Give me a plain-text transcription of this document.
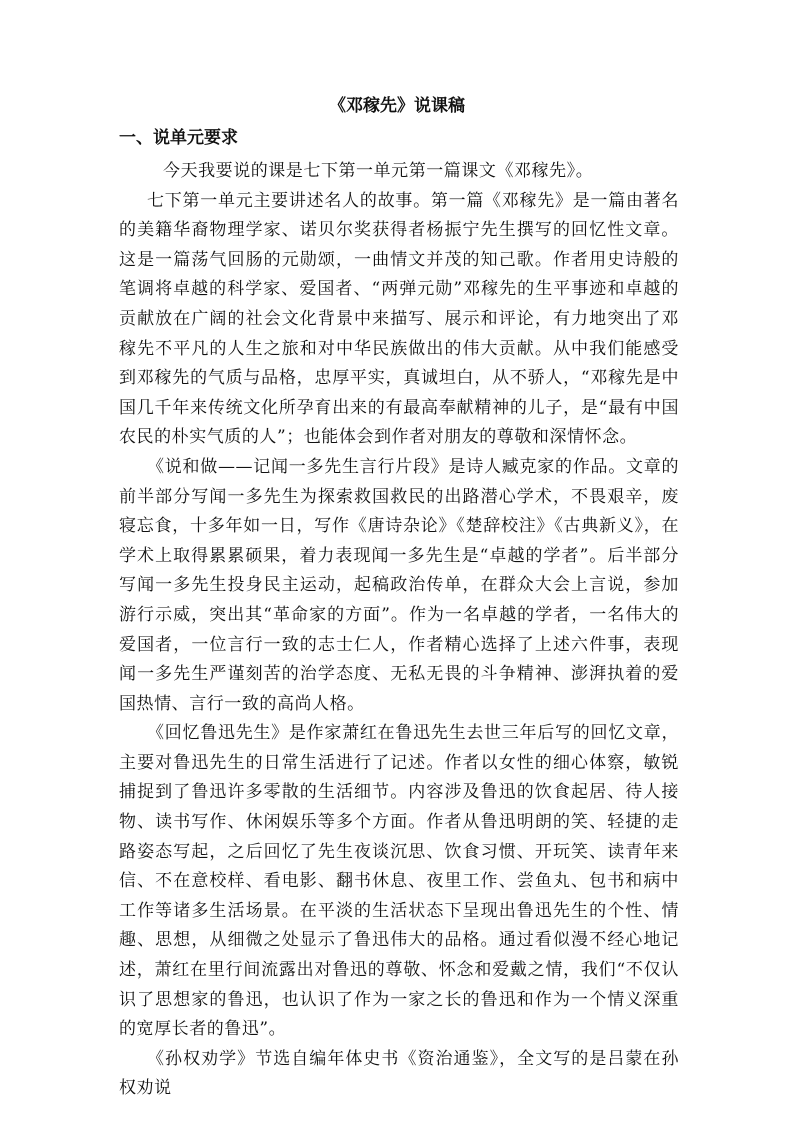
《邓稼先》说课稿
一、说单元要求

今天我要说的课是七下第一单元第一篇课文《邓稼先》。

七下第一单元主要讲述名人的故事。第一篇《邓稼先》是一篇由著名的美籍华裔物理学家、诺贝尔奖获得者杨振宁先生撰写的回忆性文章。这是一篇荡气回肠的元勋颂，一曲情文并茂的知己歌。作者用史诗般的笔调将卓越的科学家、爱国者、“两弹元勋”邓稼先的生平事迹和卓越的贡献放在广阔的社会文化背景中来描写、展示和评论，有力地突出了邓稼先不平凡的人生之旅和对中华民族做出的伟大贡献。从中我们能感受到邓稼先的气质与品格，忠厚平实，真诚坦白，从不骄人，“邓稼先是中国几千年来传统文化所孕育出来的有最高奉献精神的儿子，是“最有中国农民的朴实气质的人”；也能体会到作者对朋友的尊敬和深情怀念。

《说和做——记闻一多先生言行片段》是诗人臧克家的作品。文章的前半部分写闻一多先生为探索救国救民的出路潜心学术，不畏艰辛，废寝忘食，十多年如一日，写作《唐诗杂论》《楚辞校注》《古典新义》，在学术上取得累累硕果，着力表现闻一多先生是“卓越的学者”。后半部分写闻一多先生投身民主运动，起稿政治传单，在群众大会上言说，参加游行示威，突出其“革命家的方面”。作为一名卓越的学者，一名伟大的爱国者，一位言行一致的志士仁人，作者精心选择了上述六件事，表现闻一多先生严谨刻苦的治学态度、无私无畏的斗争精神、澎湃执着的爱国热情、言行一致的高尚人格。

《回忆鲁迅先生》是作家萧红在鲁迅先生去世三年后写的回忆文章，主要对鲁迅先生的日常生活进行了记述。作者以女性的细心体察，敏锐捕捉到了鲁迅许多零散的生活细节。内容涉及鲁迅的饮食起居、待人接物、读书写作、休闲娱乐等多个方面。作者从鲁迅明朗的笑、轻捷的走路姿态写起，之后回忆了先生夜谈沉思、饮食习惯、开玩笑、读青年来信、不在意校样、看电影、翻书休息、夜里工作、尝鱼丸、包书和病中工作等诸多生活场景。在平淡的生活状态下呈现出鲁迅先生的个性、情趣、思想，从细微之处显示了鲁迅伟大的品格。通过看似漫不经心地记述，萧红在里行间流露出对鲁迅的尊敬、怀念和爱戴之情，我们“不仅认识了思想家的鲁迅，也认识了作为一家之长的鲁迅和作为一个情义深重的宽厚长者的鲁迅”。

《孙权劝学》节选自编年体史书《资治通鉴》，全文写的是吕蒙在孙权劝说
